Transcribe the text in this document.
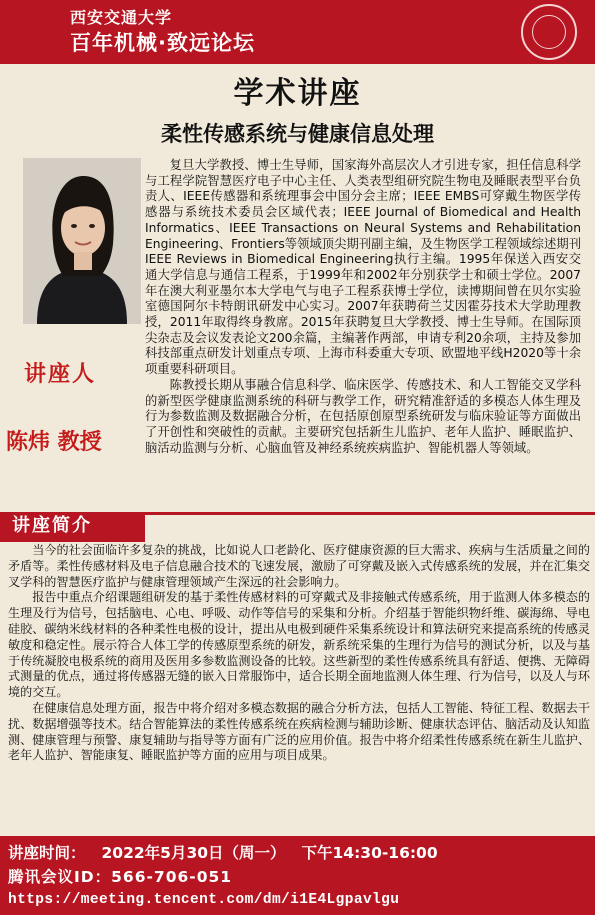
西安交通大学
百年机械·致远论坛
学术讲座
柔性传感系统与健康信息处理
讲座人
陈炜 教授

复旦大学教授、博士生导师，国家海外高层次人才引进专家，担任信息科学与工程学院智慧医疗电子中心主任、人类表型组研究院生物电及睡眠表型平台负责人、IEEE传感器和系统理事会中国分会主席；IEEE EMBS可穿戴生物医学传感器与系统技术委员会区域代表；IEEE Journal of Biomedical and Health Informatics、IEEE Transactions on Neural Systems and Rehabilitation Engineering、Frontiers等领域顶尖期刊副主编，及生物医学工程领域综述期刊IEEE Reviews in Biomedical Engineering执行主编。1995年保送入西安交通大学信息与通信工程系，于1999年和2002年分别获学士和硕士学位。2007年在澳大利亚墨尔本大学电气与电子工程系获博士学位，读博期间曾在贝尔实验室德国阿尔卡特朗讯研发中心实习。2007年获聘荷兰艾因霍芬技术大学助理教授，2011年取得终身教席。2015年获聘复旦大学教授、博士生导师。在国际顶尖杂志及会议发表论文200余篇，主编著作两部，申请专利20余项，主持及参加科技部重点研发计划重点专项、上海市科委重大专项、欧盟地平线H2020等十余项重要科研项目。

陈教授长期从事融合信息科学、临床医学、传感技术、和人工智能交叉学科的新型医学健康监测系统的科研与教学工作，研究精准舒适的多模态人体生理及行为参数监测及数据融合分析，在包括原创原型系统研发与临床验证等方面做出了开创性和突破性的贡献。主要研究包括新生儿监护、老年人监护、睡眠监护、脑活动监测与分析、心脑血管及神经系统疾病监护、智能机器人等领域。

讲座简介

当今的社会面临许多复杂的挑战，比如说人口老龄化、医疗健康资源的巨大需求、疾病与生活质量之间的矛盾等。柔性传感材料及电子信息融合技术的飞速发展，激励了可穿戴及嵌入式传感系统的发展，并在汇集交叉学科的智慧医疗监护与健康管理领域产生深远的社会影响力。

报告中重点介绍课题组研发的基于柔性传感材料的可穿戴式及非接触式传感系统，用于监测人体多模态的生理及行为信号，包括脑电、心电、呼吸、动作等信号的采集和分析。介绍基于智能织物纤维、碳海绵、导电硅胶、碳纳米线材料的各种柔性电极的设计，提出从电极到硬件采集系统设计和算法研究来提高系统的传感灵敏度和稳定性。展示符合人体工学的传感原型系统的研发，新系统采集的生理行为信号的测试分析，以及与基于传统凝胶电极系统的商用及医用多参数监测设备的比较。这些新型的柔性传感系统具有舒适、便携、无障碍式测量的优点，通过将传感器无缝的嵌入日常服饰中，适合长期全面地监测人体生理、行为信号，以及人与环境的交互。

在健康信息处理方面，报告中将介绍对多模态数据的融合分析方法，包括人工智能、特征工程、数据去干扰、数据增强等技术。结合智能算法的柔性传感系统在疾病检测与辅助诊断、健康状态评估、脑活动及认知监测、健康管理与预警、康复辅助与指导等方面有广泛的应用价值。报告中将介绍柔性传感系统在新生儿监护、老年人监护、智能康复、睡眠监护等方面的应用与项目成果。

讲座时间： 2022年5月30日（周一） 下午14:30-16:00
腾讯会议ID：566-706-051
https://meeting.tencent.com/dm/i1E4Lgpavlgu
